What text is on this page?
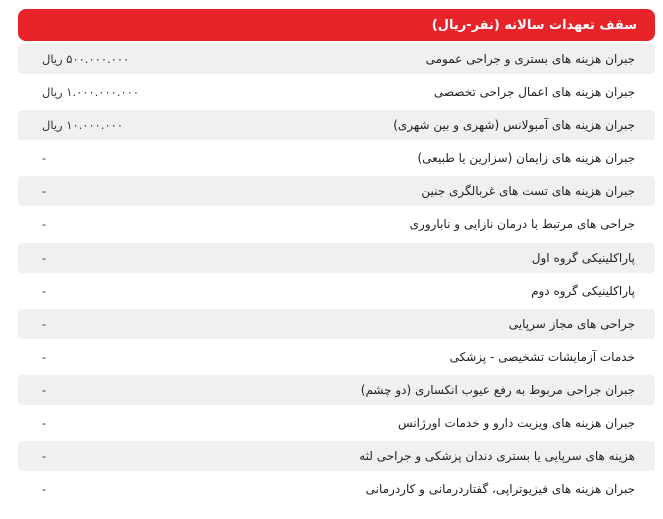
سقف تعهدات سالانه (نفر-ریال)
جبران هزینه های بستری و جراحی عمومی
۵۰۰.۰۰۰.۰۰۰ ریال
جبران هزینه های اعمال جراحی تخصصی
۱.۰۰۰.۰۰۰.۰۰۰ ریال
جبران هزینه های آمبولانس (شهری و بین شهری)
۱۰.۰۰۰.۰۰۰ ریال
جبران هزینه های زایمان (سزارین یا طبیعی)
-
جبران هزینه های تست های غربالگری جنین
-
جراحی های مرتبط با درمان نازایی و ناباروری
-
پاراکلینیکی گروه اول
-
پاراکلینیکی گروه دوم
-
جراحی های مجاز سرپایی
-
خدمات آزمایشات تشخیصی - پزشکی
-
جبران جراحی مربوط به رفع عیوب انکساری (دو چشم)
-
جبران هزینه های ویزیت دارو و خدمات اورژانس
-
هزینه های سرپایی یا بستری دندان پزشکی و جراحی لثه
-
جبران هزینه های فیزیوتراپی، گفتاردرمانی و کاردرمانی
-
